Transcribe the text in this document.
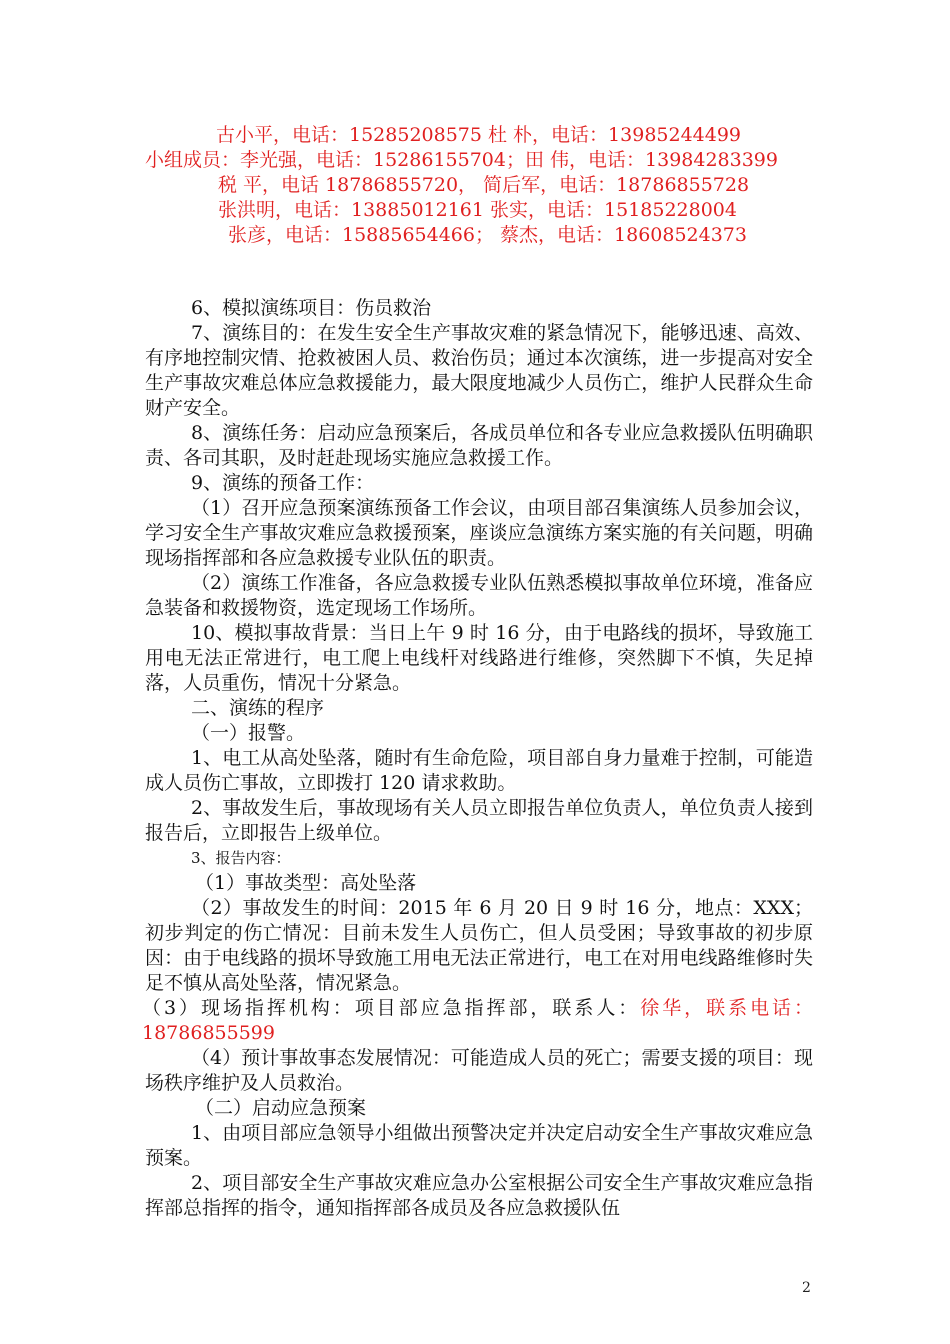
古小平，电话：15285208575 杜 朴，电话：13985244499
小组成员：李光强，电话：15286155704；田 伟，电话：13984283399
税 平，电话 18786855720， 简后军，电话：18786855728
张洪明，电话：13885012161 张实，电话：15185228004
张彦，电话：15885654466； 蔡杰，电话：18608524373

6、模拟演练项目：伤员救治

7、演练目的：在发生安全生产事故灾难的紧急情况下，能够迅速、高效、有序地控制灾情、抢救被困人员、救治伤员；通过本次演练，进一步提高对安全生产事故灾难总体应急救援能力，最大限度地减少人员伤亡，维护人民群众生命财产安全。

8、演练任务：启动应急预案后，各成员单位和各专业应急救援队伍明确职责、各司其职，及时赶赴现场实施应急救援工作。

9、演练的预备工作：

（1）召开应急预案演练预备工作会议，由项目部召集演练人员参加会议，学习安全生产事故灾难应急救援预案，座谈应急演练方案实施的有关问题，明确现场指挥部和各应急救援专业队伍的职责。

（2）演练工作准备，各应急救援专业队伍熟悉模拟事故单位环境，准备应急装备和救援物资，选定现场工作场所。

10、模拟事故背景：当日上午 9 时 16 分，由于电路线的损坏，导致施工用电无法正常进行，电工爬上电线杆对线路进行维修，突然脚下不慎，失足掉落，人员重伤，情况十分紧急。

二、演练的程序

（一）报警。

1、电工从高处坠落，随时有生命危险，项目部自身力量难于控制，可能造成人员伤亡事故，立即拨打 120 请求救助。

2、事故发生后，事故现场有关人员立即报告单位负责人，单位负责人接到报告后，立即报告上级单位。

3、报告内容：

（1）事故类型：高处坠落

（2）事故发生的时间：2015 年 6 月 20 日 9 时 16 分，地点：XXX；初步判定的伤亡情况：目前未发生人员伤亡，但人员受困；导致事故的初步原因：由于电线路的损坏导致施工用电无法正常进行，电工在对用电线路维修时失足不慎从高处坠落，情况紧急。

（3）现场指挥机构：项目部应急指挥部，联系人：徐华，联系电话：18786855599

（4）预计事故事态发展情况：可能造成人员的死亡；需要支援的项目：现场秩序维护及人员救治。

（二）启动应急预案

1、由项目部应急领导小组做出预警决定并决定启动安全生产事故灾难应急预案。

2、项目部安全生产事故灾难应急办公室根据公司安全生产事故灾难应急指挥部总指挥的指令，通知指挥部各成员及各应急救援队伍

2
